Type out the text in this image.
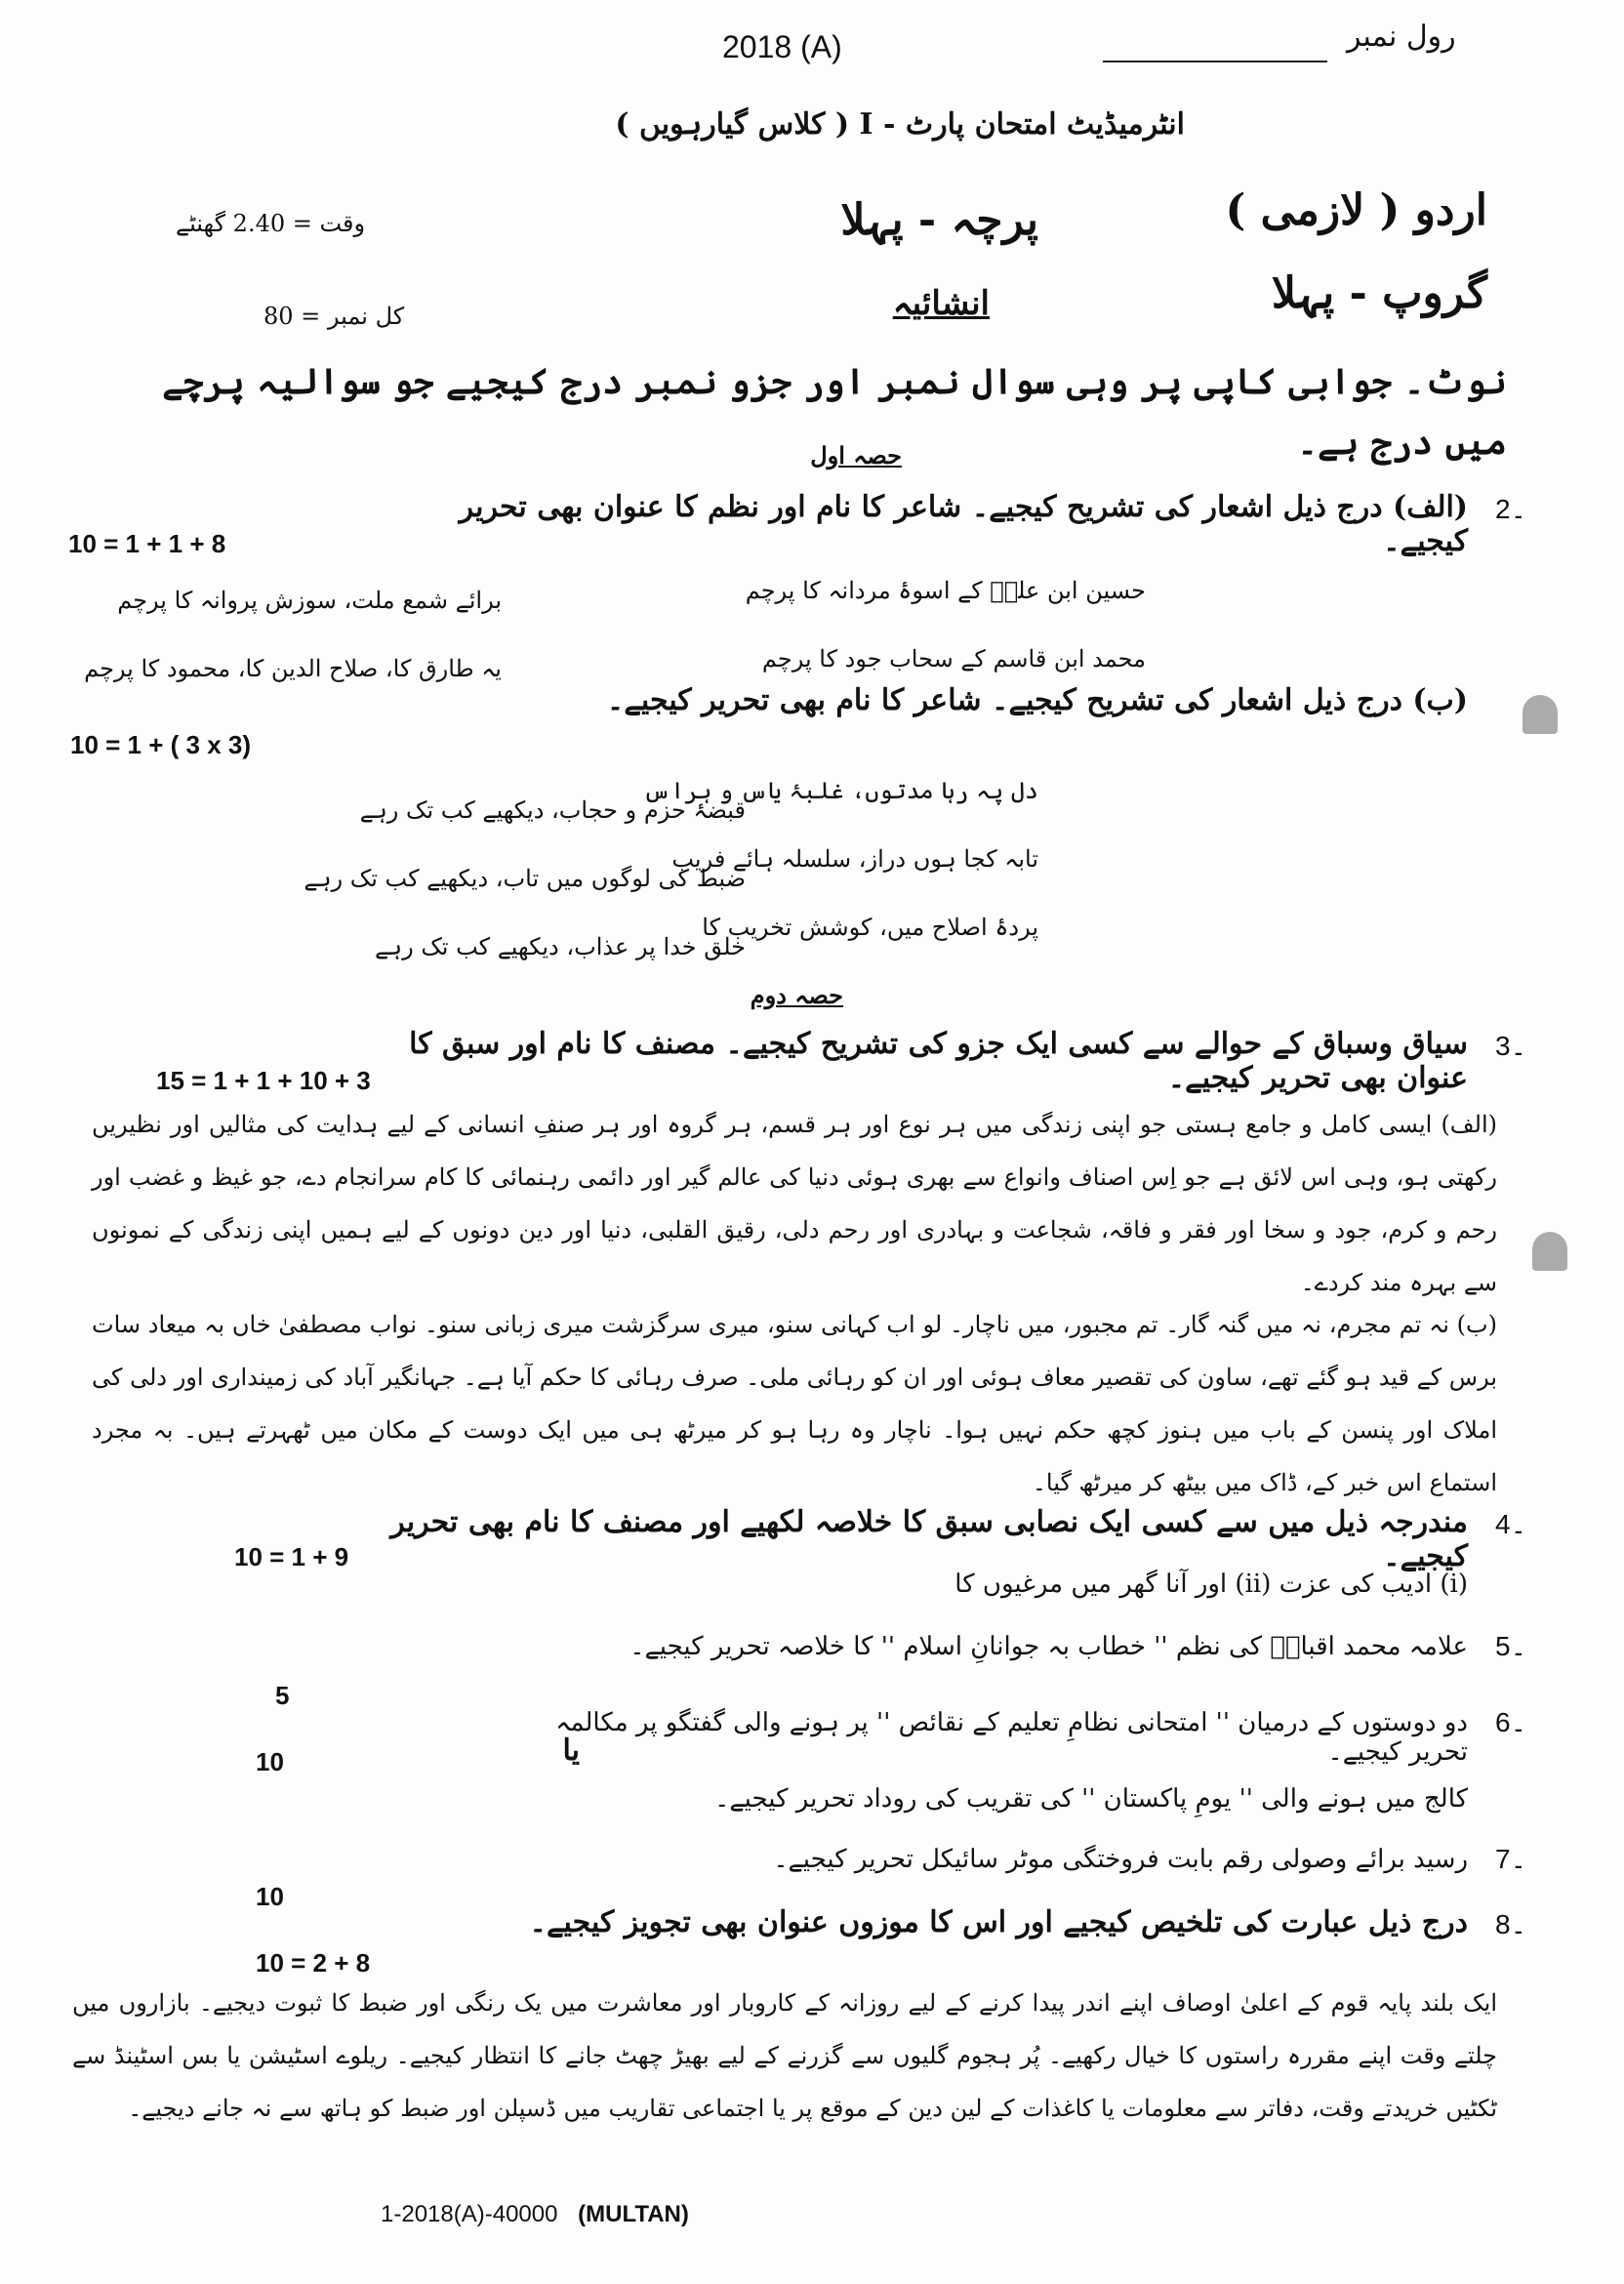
2018 (A)	رول نمبر
انٹرمیڈیٹ امتحان پارٹ - I ( کلاس گیارہویں )
اردو ( لازمی )
پرچہ - پہلا
وقت = 2.40 گھنٹے
گروپ - پہلا
انشائیہ
کل نمبر = 80
نوٹ۔ جوابی کاپی پر وہی سوال نمبر اور جزو نمبر درج کیجیے جو سوالیہ پرچے میں درج ہے۔
حصہ اول
2۔
(الف) درج ذیل اشعار کی تشریح کیجیے۔ شاعر کا نام اور نظم کا عنوان بھی تحریر کیجیے۔
10 = 1 + 1 + 8
حسین ابن علیؑ کے اسوۂ مردانہ کا پرچم
محمد ابن قاسم کے سحاب جود کا پرچم
برائے شمع ملت، سوزش پروانہ کا پرچم
یہ طارق کا، صلاح الدین کا، محمود کا پرچم
(ب) درج ذیل اشعار کی تشریح کیجیے۔ شاعر کا نام بھی تحریر کیجیے۔
10 = 1 + ( 3 x 3)
دل پہ رہا مدتوں، غلبۂ یاس و ہراس
تابہ کجا ہوں دراز، سلسلہ ہائے فریب
پردۂ اصلاح میں، کوشش تخریب کا
قبضۂ حزم و حجاب، دیکھیے کب تک رہے
ضبط کی لوگوں میں تاب، دیکھیے کب تک رہے
خلق خدا پر عذاب، دیکھیے کب تک رہے
حصہ دوم
3۔
سیاق وسباق کے حوالے سے کسی ایک جزو کی تشریح کیجیے۔ مصنف کا نام اور سبق کا عنوان بھی تحریر کیجیے۔
15 = 1 + 1 + 10 + 3
(الف) ایسی کامل و جامع ہستی جو اپنی زندگی میں ہر نوع اور ہر قسم، ہر گروہ اور ہر صنفِ انسانی کے لیے ہدایت کی مثالیں اور نظیریں رکھتی ہو، وہی اس لائق ہے جو اِس اصناف وانواع سے بھری ہوئی دنیا کی عالم گیر اور دائمی رہنمائی کا کام سرانجام دے، جو غیظ و غضب اور رحم و کرم، جود و سخا اور فقر و فاقہ، شجاعت و بہادری اور رحم دلی، رقیق القلبی، دنیا اور دین دونوں کے لیے ہمیں اپنی زندگی کے نمونوں سے بہرہ مند کردے۔
(ب) نہ تم مجرم، نہ میں گنہ گار۔ تم مجبور، میں ناچار۔ لو اب کہانی سنو، میری سرگزشت میری زبانی سنو۔ نواب مصطفیٰ خاں بہ میعاد سات برس کے قید ہو گئے تھے، ساون کی تقصیر معاف ہوئی اور ان کو رہائی ملی۔ صرف رہائی کا حکم آیا ہے۔ جہانگیر آباد کی زمینداری اور دلی کی املاک اور پنسن کے باب میں ہنوز کچھ حکم نہیں ہوا۔ ناچار وہ رہا ہو کر میرٹھ ہی میں ایک دوست کے مکان میں ٹھہرتے ہیں۔ بہ مجرد استماع اس خبر کے، ڈاک میں بیٹھ کر میرٹھ گیا۔
4۔
مندرجہ ذیل میں سے کسی ایک نصابی سبق کا خلاصہ لکھیے اور مصنف کا نام بھی تحریر کیجیے۔
10 = 1 + 9
(i) ادیب کی عزت (ii) اور آنا گھر میں مرغیوں کا
5۔
علامہ محمد اقبالؒ کی نظم '' خطاب بہ جوانانِ اسلام '' کا خلاصہ تحریر کیجیے۔
5
6۔
دو دوستوں کے درمیان '' امتحانی نظامِ تعلیم کے نقائص '' پر ہونے والی گفتگو پر مکالمہ تحریر کیجیے۔
یا
10
کالج میں ہونے والی '' یومِ پاکستان '' کی تقریب کی روداد تحریر کیجیے۔
7۔
رسید برائے وصولی رقم بابت فروختگی موٹر سائیکل تحریر کیجیے۔
10
8۔
درج ذیل عبارت کی تلخیص کیجیے اور اس کا موزوں عنوان بھی تجویز کیجیے۔
10 = 2 + 8
ایک بلند پایہ قوم کے اعلیٰ اوصاف اپنے اندر پیدا کرنے کے لیے روزانہ کے کاروبار اور معاشرت میں یک رنگی اور ضبط کا ثبوت دیجیے۔ بازاروں میں چلتے وقت اپنے مقررہ راستوں کا خیال رکھیے۔ پُر ہجوم گلیوں سے گزرنے کے لیے بھیڑ چھٹ جانے کا انتظار کیجیے۔ ریلوے اسٹیشن یا بس اسٹینڈ سے ٹکٹیں خریدتے وقت، دفاتر سے معلومات یا کاغذات کے لین دین کے موقع پر یا اجتماعی تقاریب میں ڈسپلن اور ضبط کو ہاتھ سے نہ جانے دیجیے۔
1-2018(A)-40000 (MULTAN)
